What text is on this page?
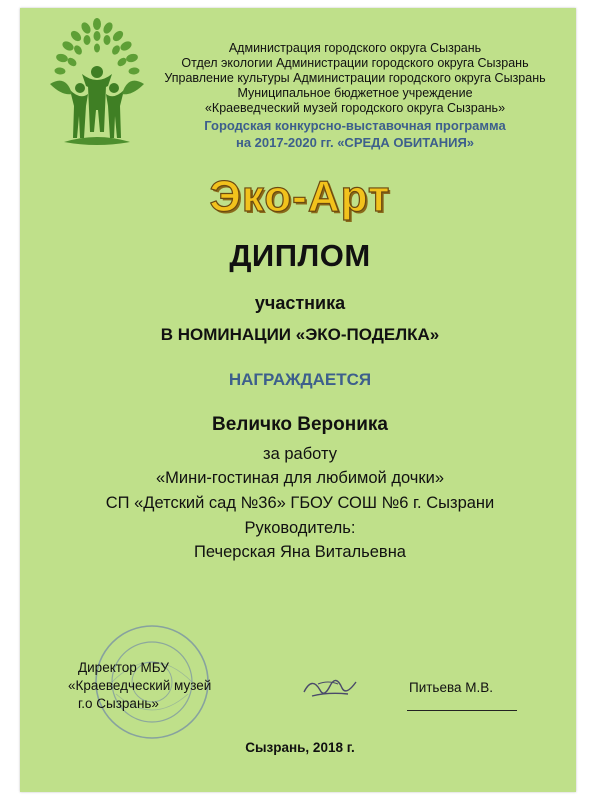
Администрация городского округа Сызрань
Отдел экологии Администрации городского округа Сызрань
Управление культуры Администрации городского округа Сызрань
Муниципальное бюджетное учреждение
«Краеведческий музей городского округа Сызрань»
Городская конкурсно-выставочная программа
на 2017-2020 гг. «СРЕДА ОБИТАНИЯ»
Эко-Арт
ДИПЛОМ
участника
В НОМИНАЦИИ «ЭКО-ПОДЕЛКА»
НАГРАЖДАЕТСЯ
Величко Вероника
за работу
«Мини-гостиная для любимой дочки»
СП «Детский сад №36» ГБОУ СОШ №6 г. Сызрани
Руководитель:
Печерская Яна Витальевна
Директор МБУ
«Краеведческий музей
г.о Сызрань»
Питьева М.В.
Сызрань, 2018 г.
